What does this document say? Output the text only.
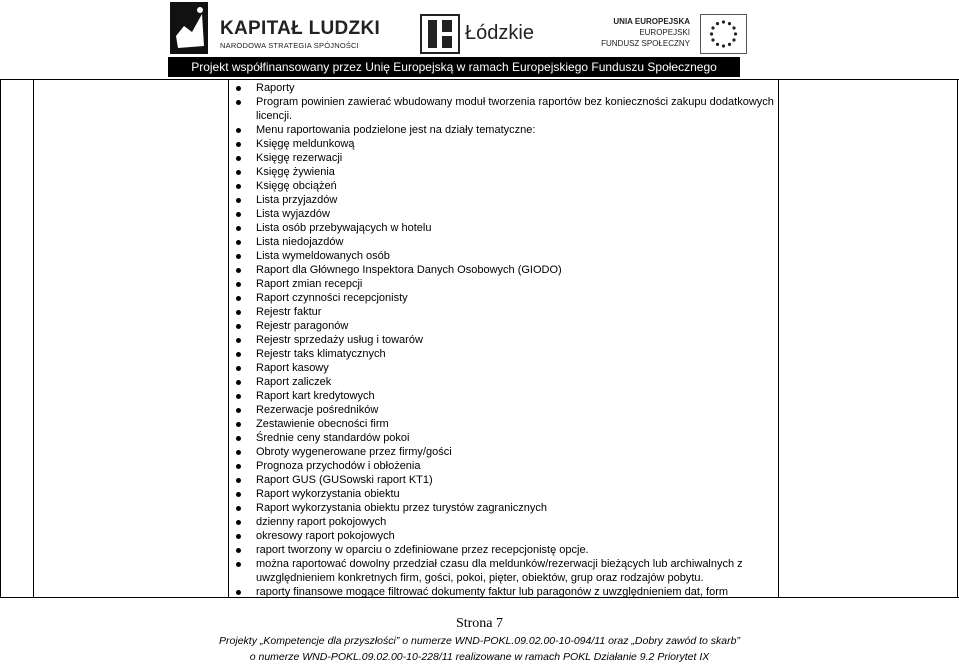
KAPITAŁ LUDZKI
NARODOWA STRATEGIA SPÓJNOŚCI
Łódzkie
UNIA EUROPEJSKA
EUROPEJSKI
FUNDUSZ SPOŁECZNY
Projekt współfinansowany przez Unię Europejską w ramach Europejskiego Funduszu Społecznego
Raporty
Program powinien zawierać wbudowany moduł tworzenia raportów bez konieczności zakupu dodatkowych licencji.
Menu raportowania podzielone jest na działy tematyczne:
Księgę meldunkową
Księgę rezerwacji
Księgę żywienia
Księgę obciążeń
Lista przyjazdów
Lista wyjazdów
Lista osób przebywających w hotelu
Lista niedojazdów
Lista wymeldowanych osób
Raport dla Głównego Inspektora Danych Osobowych (GIODO)
Raport zmian recepcji
Raport czynności recepcjonisty
Rejestr faktur
Rejestr paragonów
Rejestr sprzedaży usług i towarów
Rejestr taks klimatycznych
Raport kasowy
Raport zaliczek
Raport kart kredytowych
Rezerwacje pośredników
Zestawienie obecności firm
Średnie ceny standardów pokoi
Obroty wygenerowane przez firmy/gości
Prognoza przychodów i obłożenia
Raport GUS (GUSowski raport KT1)
Raport wykorzystania obiektu
Raport wykorzystania obiektu przez turystów zagranicznych
dzienny raport pokojowych
okresowy raport pokojowych
raport tworzony w oparciu o zdefiniowane przez recepcjonistę opcje.
można raportować dowolny przedział czasu dla meldunków/rezerwacji bieżących lub archiwalnych z uwzględnieniem konkretnych firm, gości, pokoi, pięter, obiektów, grup oraz rodzajów pobytu.
raporty finansowe mogące filtrować dokumenty faktur lub paragonów z uwzględnieniem dat, form
Strona 7
Projekty „Kompetencje dla przyszłości” o numerze WND-POKL.09.02.00-10-094/11 oraz „Dobry zawód to skarb”
o numerze WND-POKL.09.02.00-10-228/11 realizowane w ramach POKL Działanie 9.2 Priorytet IX
